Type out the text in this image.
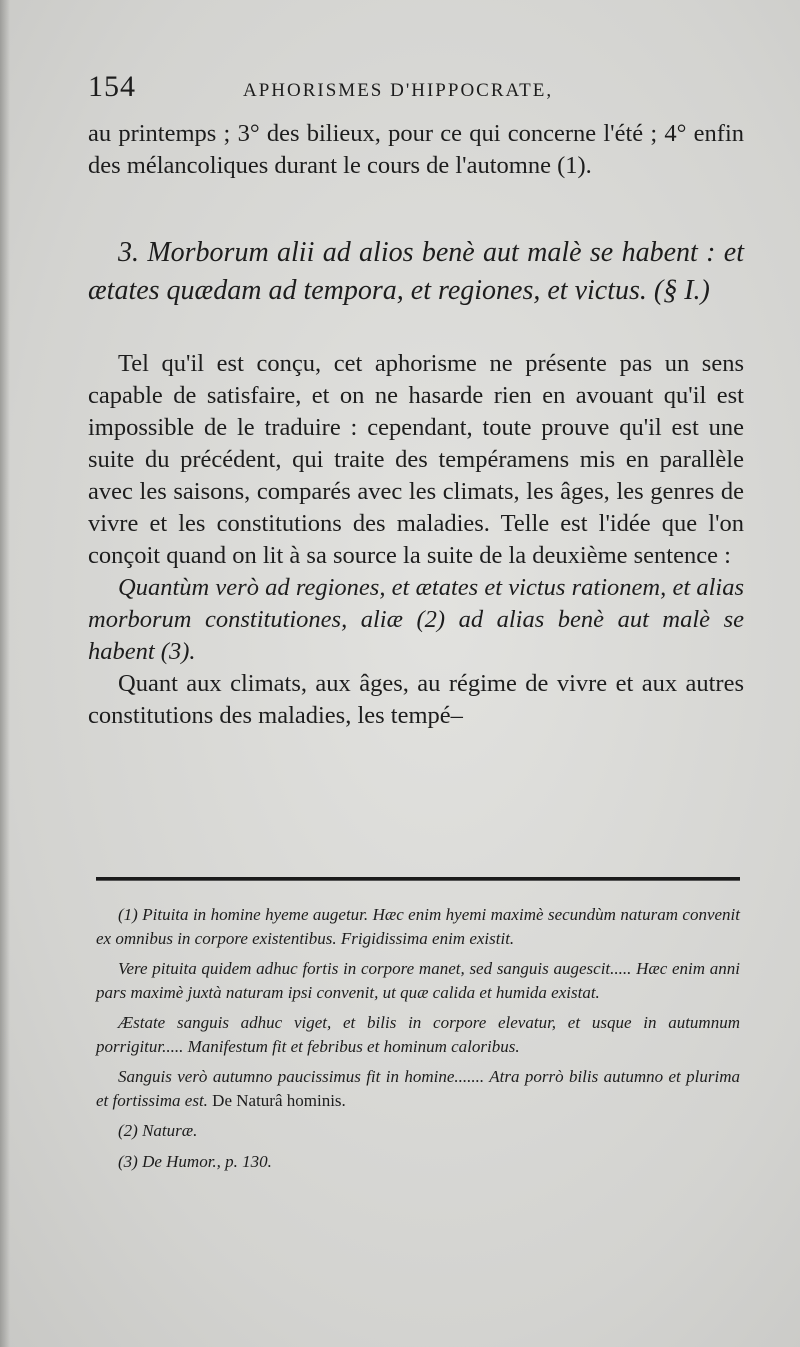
154	APHORISMES D'HIPPOCRATE,

au printemps ; 3° des bilieux, pour ce qui concerne l'été ; 4° enfin des mélancoliques durant le cours de l'automne (1).

3. Morborum alii ad alios benè aut malè se habent : et ætates quædam ad tempora, et regiones, et victus. (§ I.)

Tel qu'il est conçu, cet aphorisme ne présente pas un sens capable de satisfaire, et on ne hasarde rien en avouant qu'il est impossible de le traduire : cependant, toute prouve qu'il est une suite du précédent, qui traite des tempéramens mis en parallèle avec les saisons, comparés avec les climats, les âges, les genres de vivre et les constitutions des maladies. Telle est l'idée que l'on conçoit quand on lit à sa source la suite de la deuxième sentence :

Quantùm verò ad regiones, et ætates et victus rationem, et alias morborum constitutiones, aliæ (2) ad alias benè aut malè se habent (3).

Quant aux climats, aux âges, au régime de vivre et aux autres constitutions des maladies, les tempé–

(1) Pituita in homine hyeme augetur. Hæc enim hyemi maximè secundùm naturam convenit ex omnibus in corpore existentibus. Frigidissima enim existit.

Vere pituita quidem adhuc fortis in corpore manet, sed sanguis augescit..... Hæc enim anni pars maximè juxtà naturam ipsi convenit, ut quæ calida et humida existat.

Æstate sanguis adhuc viget, et bilis in corpore elevatur, et usque in autumnum porrigitur..... Manifestum fit et febribus et hominum caloribus.

Sanguis verò autumno paucissimus fit in homine....... Atra porrò bilis autumno et plurima et fortissima est. De Naturâ hominis.

(2) Naturæ.

(3) De Humor., p. 130.
